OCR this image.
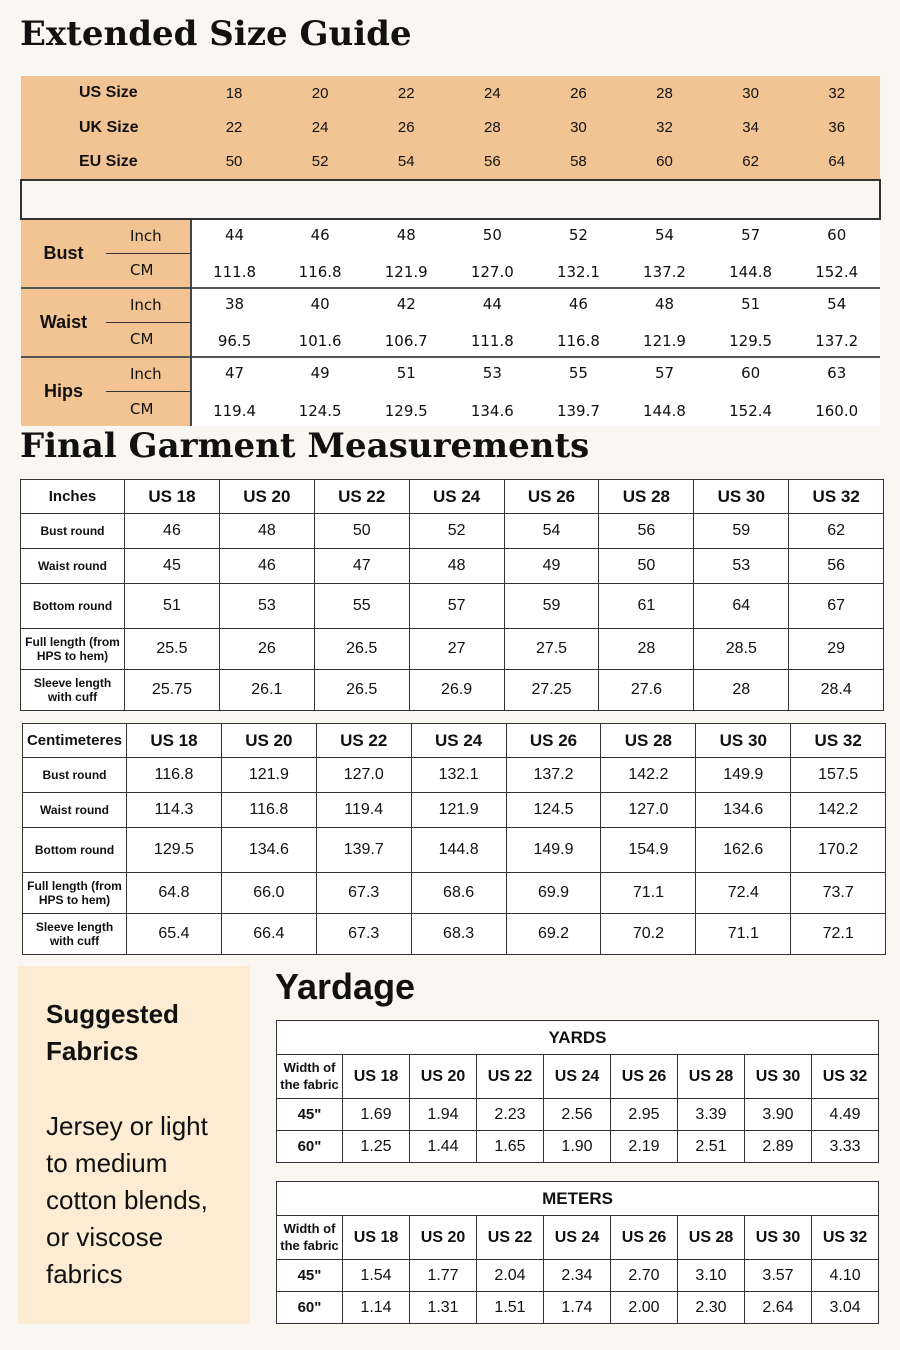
Extended Size Guide
US Size		18	20	22	24	26	28	30	32
UK Size		22	24	26	28	30	32	34	36
EU Size		50	52	54	56	58	60	62	64

Bust	Inch	44	46	48	50	52	54	57	60
	CM	111.8	116.8	121.9	127.0	132.1	137.2	144.8	152.4
Waist	Inch	38	40	42	44	46	48	51	54
	CM	96.5	101.6	106.7	111.8	116.8	121.9	129.5	137.2
Hips	Inch	47	49	51	53	55	57	60	63
	CM	119.4	124.5	129.5	134.6	139.7	144.8	152.4	160.0
Final Garment Measurements
Inches	US 18	US 20	US 22	US 24	US 26	US 28	US 30	US 32
Bust round	46	48	50	52	54	56	59	62
Waist round	45	46	47	48	49	50	53	56
Bottom round	51	53	55	57	59	61	64	67
Full length (from HPS to hem)	25.5	26	26.5	27	27.5	28	28.5	29
Sleeve length with cuff	25.75	26.1	26.5	26.9	27.25	27.6	28	28.4
Centimeteres	US 18	US 20	US 22	US 24	US 26	US 28	US 30	US 32
Bust round	116.8	121.9	127.0	132.1	137.2	142.2	149.9	157.5
Waist round	114.3	116.8	119.4	121.9	124.5	127.0	134.6	142.2
Bottom round	129.5	134.6	139.7	144.8	149.9	154.9	162.6	170.2
Full length (from HPS to hem)	64.8	66.0	67.3	68.6	69.9	71.1	72.4	73.7
Sleeve length with cuff	65.4	66.4	67.3	68.3	69.2	70.2	71.1	72.1
Suggested Fabrics
Jersey or light to medium cotton blends, or viscose fabrics
Yardage
YARDS								
Width of the fabric	US 18	US 20	US 22	US 24	US 26	US 28	US 30	US 32
45"	1.69	1.94	2.23	2.56	2.95	3.39	3.90	4.49
60"	1.25	1.44	1.65	1.90	2.19	2.51	2.89	3.33
METERS								
Width of the fabric	US 18	US 20	US 22	US 24	US 26	US 28	US 30	US 32
45"	1.54	1.77	2.04	2.34	2.70	3.10	3.57	4.10
60"	1.14	1.31	1.51	1.74	2.00	2.30	2.64	3.04
